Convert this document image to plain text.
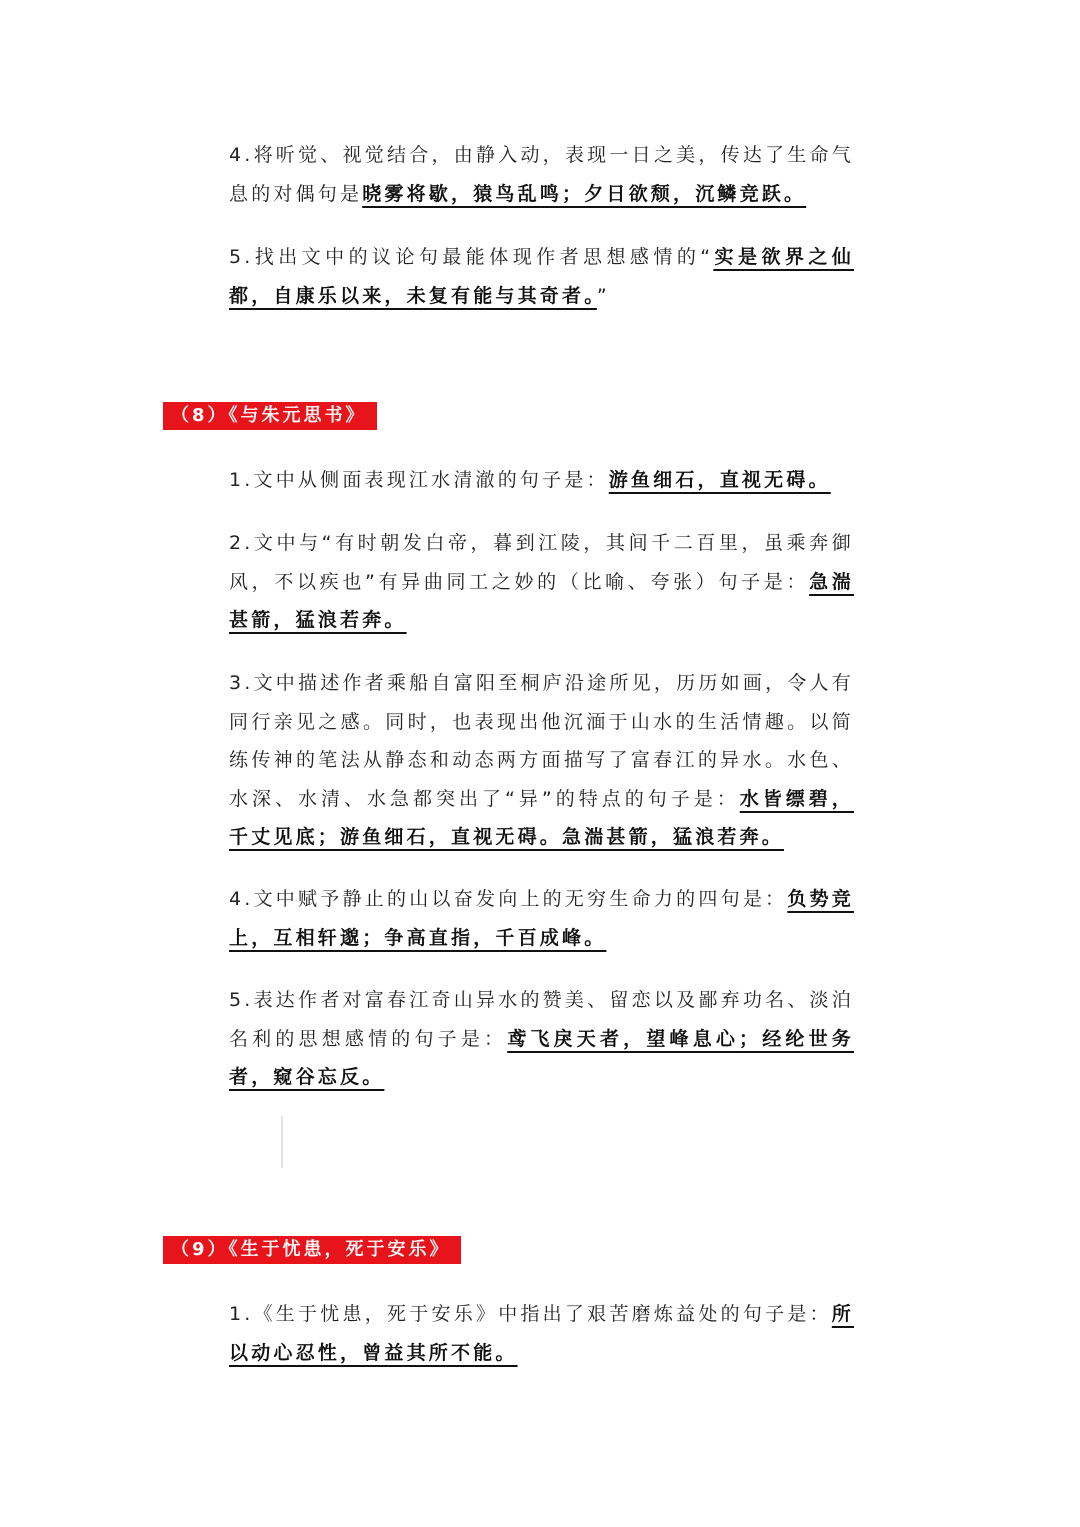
4.将听觉、视觉结合，由静入动，表现一日之美，传达了生命气息的对偶句是晓雾将歇，猿鸟乱鸣；夕日欲颓，沉鳞竞跃。

5.找出文中的议论句最能体现作者思想感情的“实是欲界之仙都，自康乐以来，未复有能与其奇者。”

（8）《与朱元思书》

1.文中从侧面表现江水清澈的句子是：游鱼细石，直视无碍。

2.文中与“有时朝发白帝，暮到江陵，其间千二百里，虽乘奔御风，不以疾也”有异曲同工之妙的（比喻、夸张）句子是：急湍甚箭，猛浪若奔。

3.文中描述作者乘船自富阳至桐庐沿途所见，历历如画，令人有同行亲见之感。同时，也表现出他沉湎于山水的生活情趣。以简练传神的笔法从静态和动态两方面描写了富春江的异水。水色、水深、水清、水急都突出了“异”的特点的句子是：水皆缥碧，千丈见底；游鱼细石，直视无碍。急湍甚箭，猛浪若奔。

4.文中赋予静止的山以奋发向上的无穷生命力的四句是：负势竞上，互相轩邈；争高直指，千百成峰。

5.表达作者对富春江奇山异水的赞美、留恋以及鄙弃功名、淡泊名利的思想感情的句子是：鸢飞戾天者，望峰息心；经纶世务者，窥谷忘反。

（9）《生于忧患，死于安乐》

1.《生于忧患，死于安乐》中指出了艰苦磨炼益处的句子是：所以动心忍性，曾益其所不能。
